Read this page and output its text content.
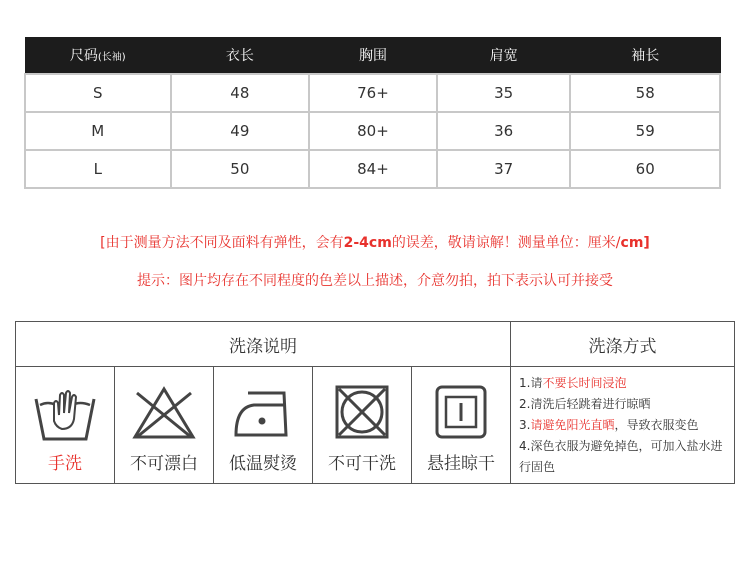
尺码(长袖)	衣长	胸围	肩宽	袖长
S	48	76+	35	58
M	49	80+	36	59
L	50	84+	37	60
[由于测量方法不同及面料有弹性，会有2-4cm的误差，敬请谅解！测量单位：厘米/cm]
提示：图片均存在不同程度的色差以上描述，介意勿拍，拍下表示认可并接受
洗涤说明	洗涤方式
手洗	不可漂白	低温熨烫	不可干洗	悬挂晾干
1.请不要长时间浸泡
2.清洗后轻跳着进行晾晒
3.请避免阳光直晒，导致衣服变色
4.深色衣服为避免掉色，可加入盐水进行固色
